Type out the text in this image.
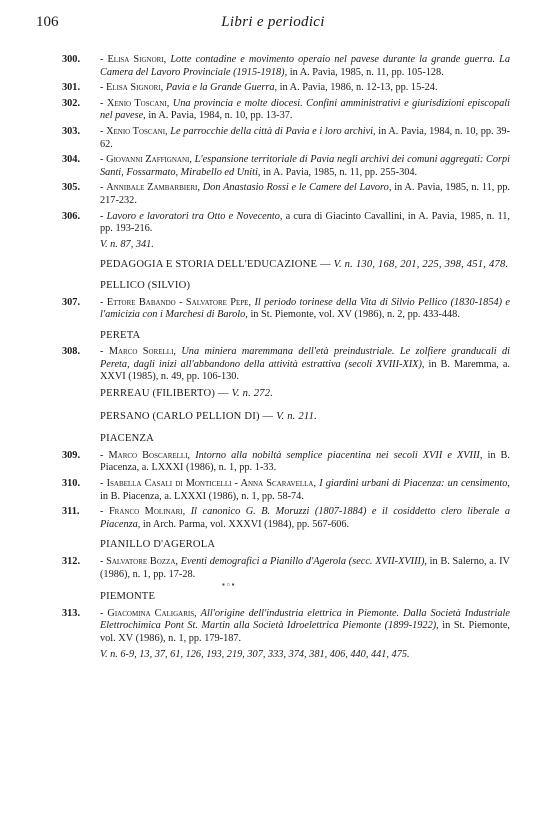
106	Libri e periodici
300.	- Elisa Signori, Lotte contadine e movimento operaio nel pavese durante la grande guerra. La Camera del Lavoro Provinciale (1915-1918), in A. Pavia, 1985, n. 11, pp. 105-128.
301.	- Elisa Signori, Pavia e la Grande Guerra, in A. Pavia, 1986, n. 12-13, pp. 15-24.
302.	- Xenio Toscani, Una provincia e molte diocesi. Confini amministrativi e giurisdizioni episcopali nel pavese, in A. Pavia, 1984, n. 10, pp. 13-37.
303.	- Xenio Toscani, Le parrocchie della città di Pavia e i loro archivi, in A. Pavia, 1984, n. 10, pp. 39-62.
304.	- Giovanni Zaffignani, L'espansione territoriale di Pavia negli archivi dei comuni aggregati: Corpi Santi, Fossarmato, Mirabello ed Uniti, in A. Pavia, 1985, n. 11, pp. 255-304.
305.	- Annibale Zambarbieri, Don Anastasio Rossi e le Camere del Lavoro, in A. Pavia, 1985, n. 11, pp. 217-232.
306.	- Lavoro e lavoratori tra Otto e Novecento, a cura di Giacinto Cavallini, in A. Pavia, 1985, n. 11, pp. 193-216.
V. n. 87, 341.
PEDAGOGIA E STORIA DELL'EDUCAZIONE — V. n. 130, 168, 201, 225, 398, 451, 478.
PELLICO (SILVIO)
307.	- Ettore Babando - Salvatore Pepe, Il periodo torinese della Vita di Silvio Pellico (1830-1854) e l'amicizia con i Marchesi di Barolo, in St. Piemonte, vol. XV (1986), n. 2, pp. 433-448.
PERETA
308.	- Marco Sorelli, Una miniera maremmana dell'età preindustriale. Le zolfiere granducali di Pereta, dagli inizi all'abbandono della attività estrattiva (secoli XVIII-XIX), in B. Maremma, a. XXVI (1985), n. 49, pp. 106-130.
PERREAU (FILIBERTO) — V. n. 272.
PERSANO (CARLO PELLION DI) — V. n. 211.
PIACENZA
309.	- Marco Boscarelli, Intorno alla nobiltà semplice piacentina nei secoli XVII e XVIII, in B. Piacenza, a. LXXXI (1986), n. 1, pp. 1-33.
310.	- Isabella Casali di Monticelli - Anna Scaravella, I giardini urbani di Piacenza: un censimento, in B. Piacenza, a. LXXXI (1986), n. 1, pp. 58-74.
311.	- Franco Molinari, Il canonico G. B. Moruzzi (1807-1884) e il cosiddetto clero liberale a Piacenza, in Arch. Parma, vol. XXXVI (1984), pp. 567-606.
PIANILLO D'AGEROLA
312.	- Salvatore Bozza, Eventi demografici a Pianillo d'Agerola (secc. XVII-XVIII), in B. Salerno, a. IV (1986), n. 1, pp. 17-28.
▪ ▫ ▪
PIEMONTE
313.	- Giacomina Caligaris, All'origine dell'industria elettrica in Piemonte. Dalla Società Industriale Elettrochimica Pont St. Martin alla Società Idroelettrica Piemonte (1899-1922), in St. Piemonte, vol. XV (1986), n. 1, pp. 179-187.
V. n. 6-9, 13, 37, 61, 126, 193, 219, 307, 333, 374, 381, 406, 440, 441, 475.
